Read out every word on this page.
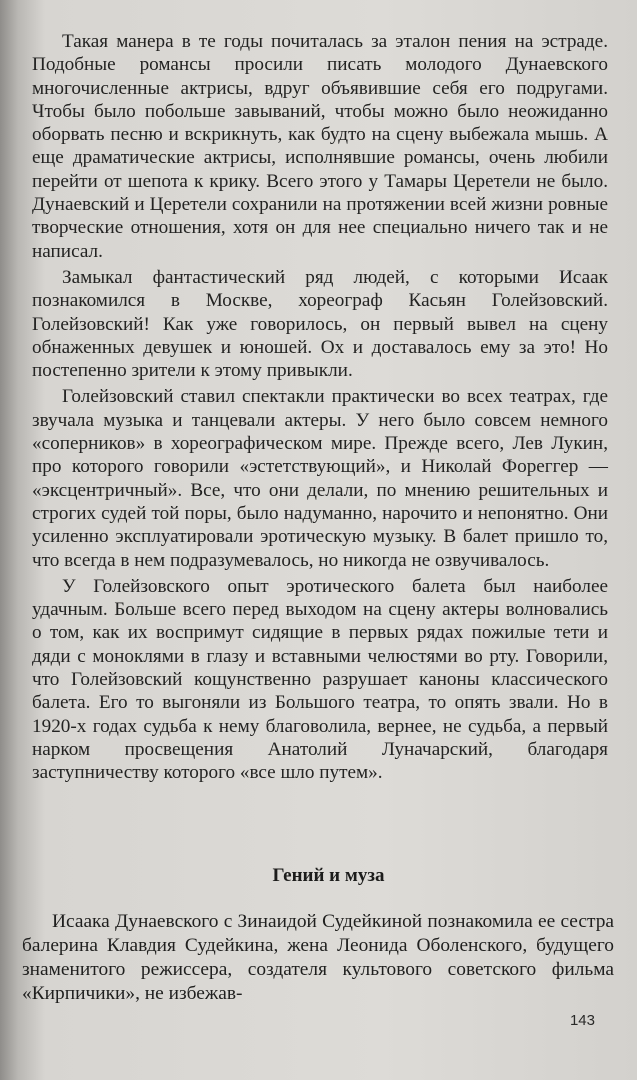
Такая манера в те годы почиталась за эталон пения на эстраде. Подобные романсы просили писать молодого Дунаевского многочисленные актрисы, вдруг объявившие себя его подругами. Чтобы было побольше завываний, чтобы можно было неожиданно оборвать песню и вскрикнуть, как будто на сцену выбежала мышь. А еще драматические актрисы, исполнявшие романсы, очень любили перейти от шепота к крику. Всего этого у Тамары Церетели не было. Дунаевский и Церетели сохранили на протяжении всей жизни ровные творческие отношения, хотя он для нее специально ничего так и не написал.

Замыкал фантастический ряд людей, с которыми Исаак познакомился в Москве, хореограф Касьян Голейзовский. Голейзовский! Как уже говорилось, он первый вывел на сцену обнаженных девушек и юношей. Ох и доставалось ему за это! Но постепенно зрители к этому привыкли.

Голейзовский ставил спектакли практически во всех театрах, где звучала музыка и танцевали актеры. У него было совсем немного «соперников» в хореографическом мире. Прежде всего, Лев Лукин, про которого говорили «эстетствующий», и Николай Фореггер — «эксцентричный». Все, что они делали, по мнению решительных и строгих судей той поры, было надуманно, нарочито и непонятно. Они усиленно эксплуатировали эротическую музыку. В балет пришло то, что всегда в нем подразумевалось, но никогда не озвучивалось.

У Голейзовского опыт эротического балета был наиболее удачным. Больше всего перед выходом на сцену актеры волновались о том, как их воспримут сидящие в первых рядах пожилые тети и дяди с моноклями в глазу и вставными челюстями во рту. Говорили, что Голейзовский кощунственно разрушает каноны классического балета. Его то выгоняли из Большого театра, то опять звали. Но в 1920-х годах судьба к нему благоволила, вернее, не судьба, а первый нарком просвещения Анатолий Луначарский, благодаря заступничеству которого «все шло путем».

Гений и муза

Исаака Дунаевского с Зинаидой Судейкиной познакомила ее сестра балерина Клавдия Судейкина, жена Леонида Оболенского, будущего знаменитого режиссера, создателя культового советского фильма «Кирпичики», не избежав-

143
